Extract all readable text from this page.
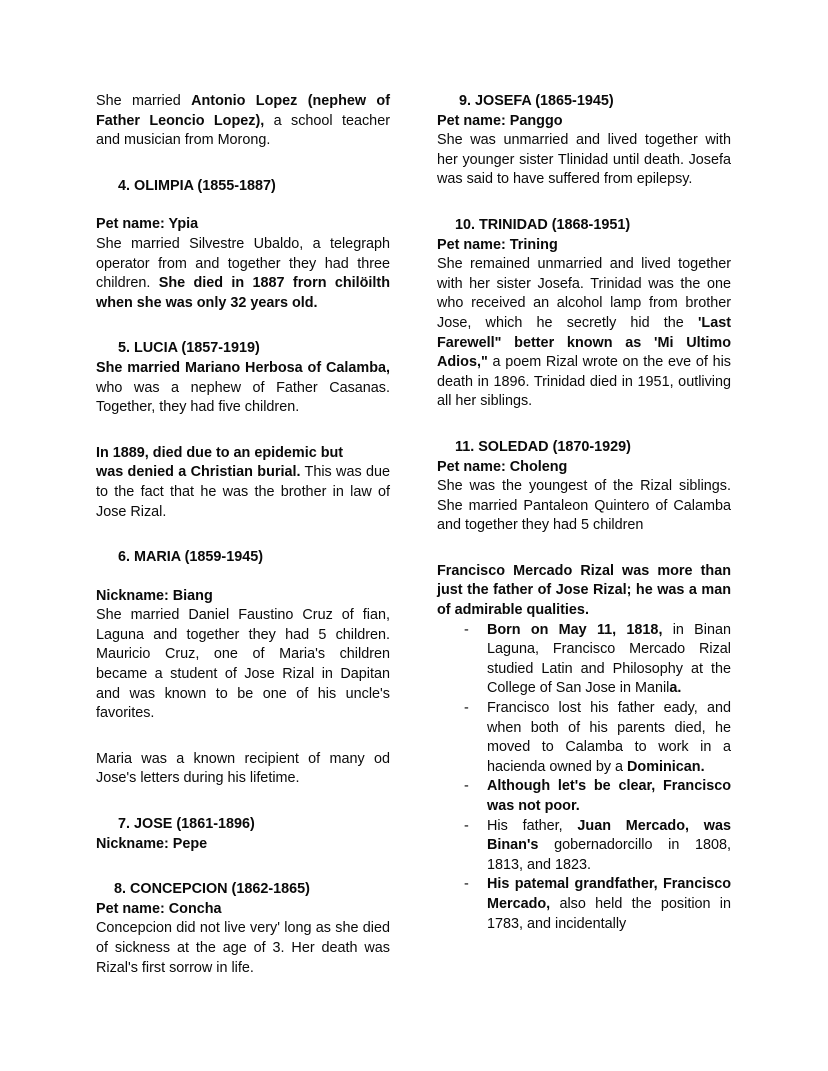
She married Antonio Lopez (nephew of Father Leoncio Lopez), a school teacher and musician from Morong.

4. OLIMPIA (1855-1887)

Pet name: Ypia

She married Silvestre Ubaldo, a telegraph operator from and together they had three children. She died in 1887 frorn chilöilth when she was only 32 years old.

5. LUCIA (1857-1919)

She married Mariano Herbosa of Calamba, who was a nephew of Father Casanas. Together, they had five children.

In 1889, died due to an epidemic but

was denied a Christian burial. This was due to the fact that he was the brother in law of Jose Rizal.

6. MARIA (1859-1945)

Nickname: Biang

She married Daniel Faustino Cruz of fian, Laguna and together they had 5 children. Mauricio Cruz, one of Maria's children became a student of Jose Rizal in Dapitan and was known to be one of his uncle's favorites.

Maria was a known recipient of many od Jose's letters during his lifetime.

7. JOSE (1861-1896)

Nickname: Pepe

8. CONCEPCION (1862-1865)

Pet name: Concha

Concepcion did not live very' long as she died of sickness at the age of 3. Her death was Rizal's first sorrow in life.

9. JOSEFA (1865-1945)

Pet name: Panggo

She was unmarried and lived together with her younger sister Tlinidad until death. Josefa was said to have suffered from epilepsy.

10. TRINIDAD (1868-1951)

Pet name: Trining

She remained unmarried and lived together with her sister Josefa. Trinidad was the one who received an alcohol lamp from brother Jose, which he secretly hid the 'Last Farewell" better known as 'Mi Ultimo Adios," a poem Rizal wrote on the eve of his death in 1896. Trinidad died in 1951, outliving all her siblings.

11. SOLEDAD (1870-1929)

Pet name: Choleng

She was the youngest of the Rizal siblings. She married Pantaleon Quintero of Calamba and together they had 5 children

Francisco Mercado Rizal was more than just the father of Jose Rizal; he was a man of admirable qualities.

- Born on May 11, 1818, in Binan Laguna, Francisco Mercado Rizal studied Latin and Philosophy at the College of San Jose in Manila.
- Francisco lost his father eady, and when both of his parents died, he moved to Calamba to work in a hacienda owned by a Dominican.
- Although let's be clear, Francisco was not poor.
- His father, Juan Mercado, was Binan's gobernadorcillo in 1808, 1813, and 1823.
- His patemal grandfather, Francisco Mercado, also held the position in 1783, and incidentally
